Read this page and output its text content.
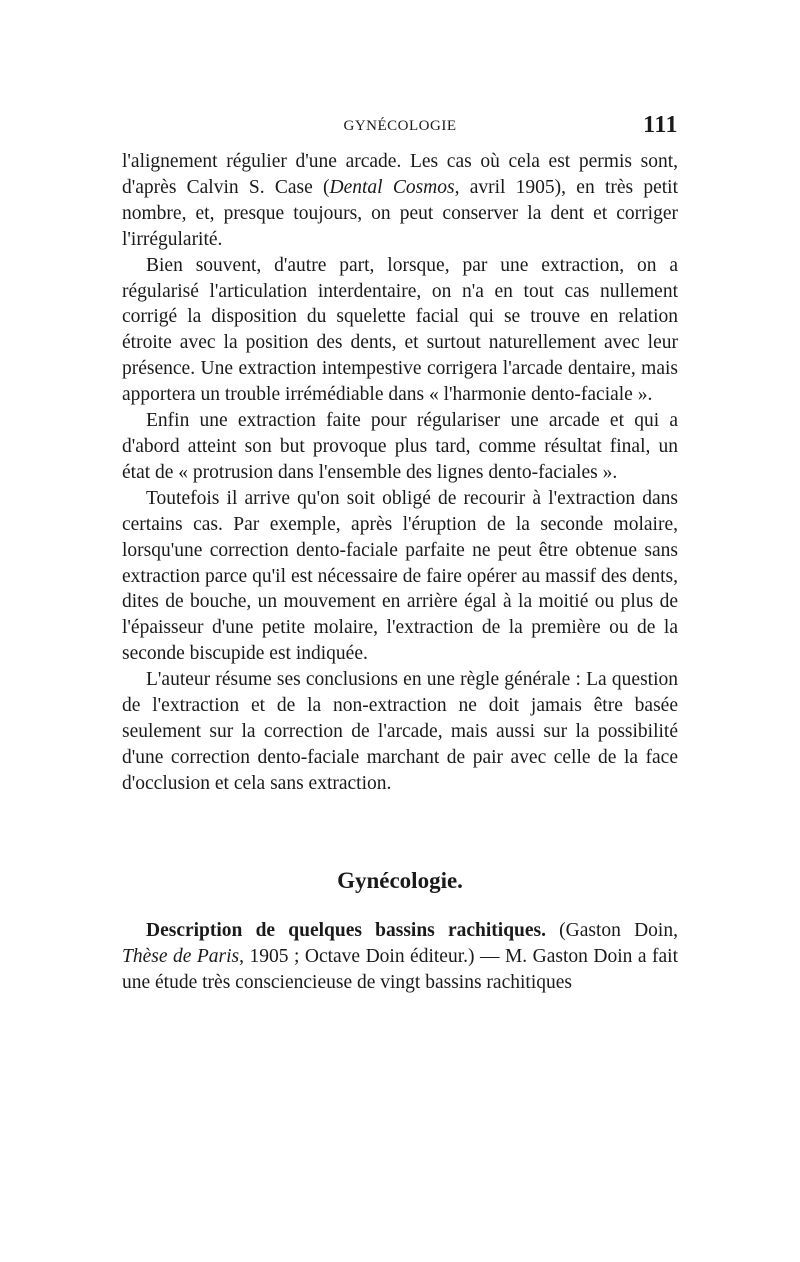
GYNÉCOLOGIE	111

l'alignement régulier d'une arcade. Les cas où cela est permis sont, d'après Calvin S. Case (Dental Cosmos, avril 1905), en très petit nombre, et, presque toujours, on peut conserver la dent et corriger l'irrégularité.

Bien souvent, d'autre part, lorsque, par une extraction, on a régularisé l'articulation interdentaire, on n'a en tout cas nullement corrigé la disposition du squelette facial qui se trouve en relation étroite avec la position des dents, et surtout naturellement avec leur présence. Une extraction intempestive corrigera l'arcade dentaire, mais apportera un trouble irrémédiable dans « l'harmonie dento-faciale ».

Enfin une extraction faite pour régulariser une arcade et qui a d'abord atteint son but provoque plus tard, comme résultat final, un état de « protrusion dans l'ensemble des lignes dento-faciales ».

Toutefois il arrive qu'on soit obligé de recourir à l'extraction dans certains cas. Par exemple, après l'éruption de la seconde molaire, lorsqu'une correction dento-faciale parfaite ne peut être obtenue sans extraction parce qu'il est nécessaire de faire opérer au massif des dents, dites de bouche, un mouvement en arrière égal à la moitié ou plus de l'épaisseur d'une petite molaire, l'extraction de la première ou de la seconde biscupide est indiquée.

L'auteur résume ses conclusions en une règle générale : La question de l'extraction et de la non-extraction ne doit jamais être basée seulement sur la correction de l'arcade, mais aussi sur la possibilité d'une correction dento-faciale marchant de pair avec celle de la face d'occlusion et cela sans extraction.

Gynécologie.

Description de quelques bassins rachitiques. (Gaston Doin, Thèse de Paris, 1905 ; Octave Doin éditeur.) — M. Gaston Doin a fait une étude très consciencieuse de vingt bassins rachitiques
